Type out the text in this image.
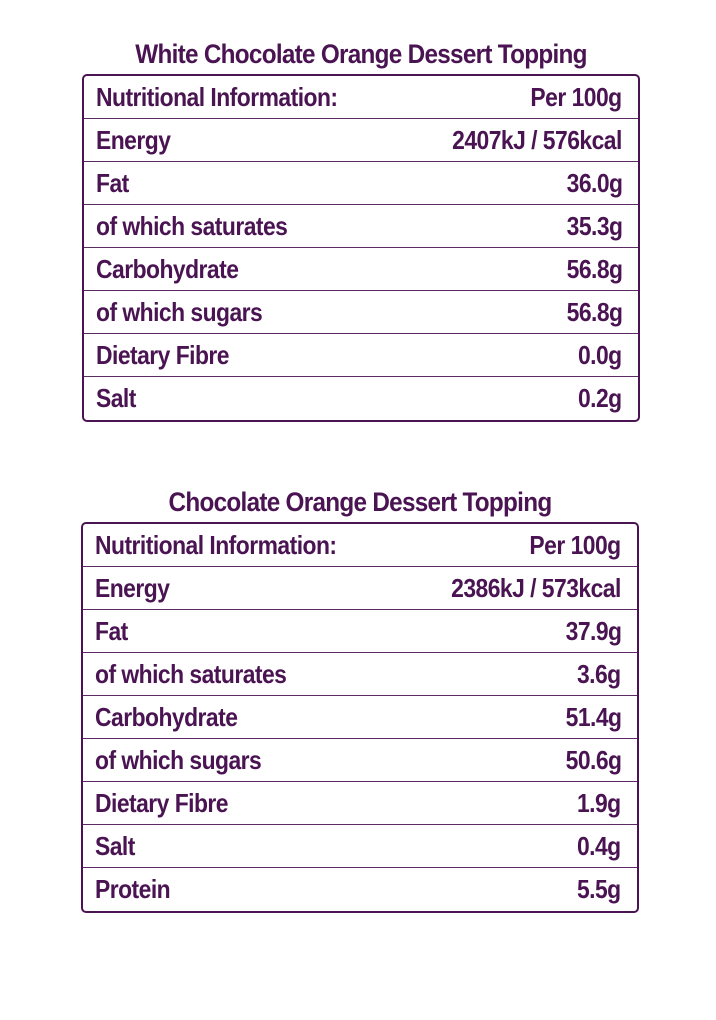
White Chocolate Orange Dessert Topping
Nutritional Information:	Per 100g
Energy	2407kJ / 576kcal
Fat	36.0g
of which saturates	35.3g
Carbohydrate	56.8g
of which sugars	56.8g
Dietary Fibre	0.0g
Salt	0.2g
Chocolate Orange Dessert Topping
Nutritional Information:	Per 100g
Energy	2386kJ / 573kcal
Fat	37.9g
of which saturates	3.6g
Carbohydrate	51.4g
of which sugars	50.6g
Dietary Fibre	1.9g
Salt	0.4g
Protein	5.5g
